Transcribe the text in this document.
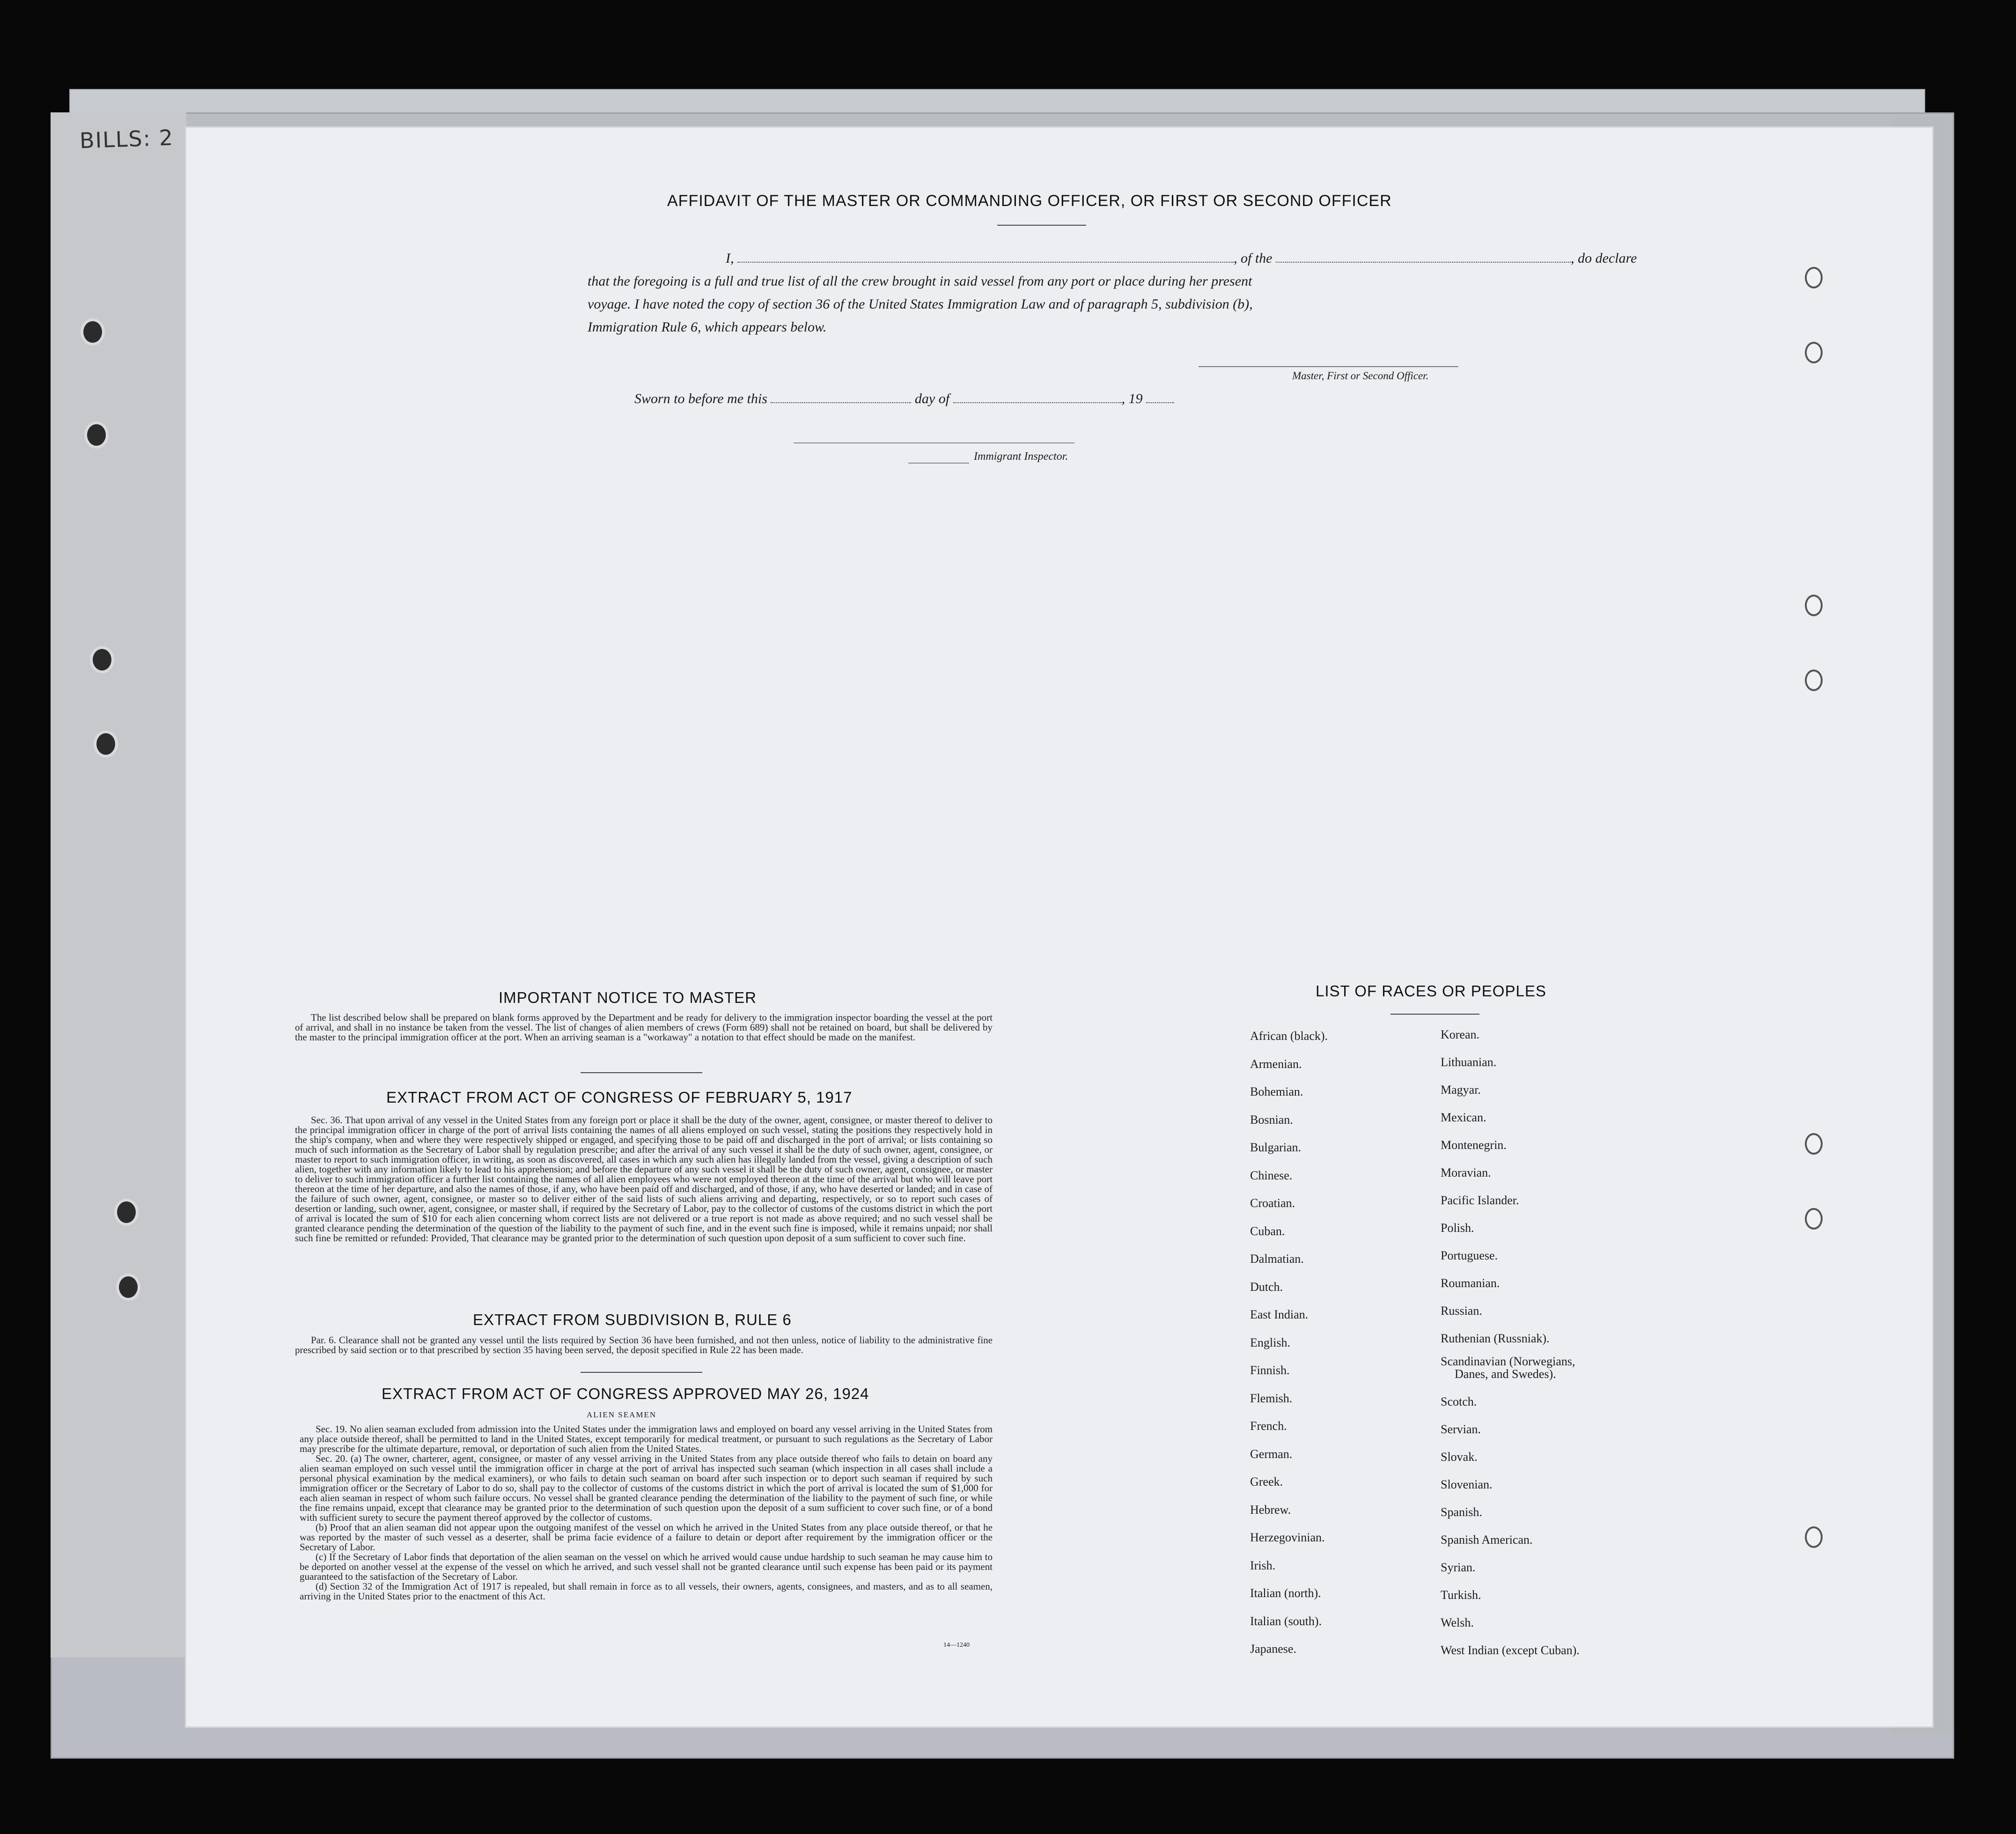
BILLS: 2
AFFIDAVIT OF THE MASTER OR COMMANDING OFFICER, OR FIRST OR SECOND OFFICER
I,	, of the	, do declare
that the foregoing is a full and true list of all the crew brought in said vessel from any port or place during her present
voyage. I have noted the copy of section 36 of the United States Immigration Law and of paragraph 5, subdivision (b),
Immigration Rule 6, which appears below.
Master, First or Second Officer.
Sworn to before me this	day of	, 19
Immigrant Inspector.
IMPORTANT NOTICE TO MASTER

The list described below shall be prepared on blank forms approved by the Department and be ready for delivery to the immigration inspector boarding the vessel at the port of arrival, and shall in no instance be taken from the vessel. The list of changes of alien members of crews (Form 689) shall not be retained on board, but shall be delivered by the master to the principal immigration officer at the port. When an arriving seaman is a "workaway" a notation to that effect should be made on the manifest.

EXTRACT FROM ACT OF CONGRESS OF FEBRUARY 5, 1917

Sec. 36. That upon arrival of any vessel in the United States from any foreign port or place it shall be the duty of the owner, agent, consignee, or master thereof to deliver to the principal immigration officer in charge of the port of arrival lists containing the names of all aliens employed on such vessel, stating the positions they respectively hold in the ship's company, when and where they were respectively shipped or engaged, and specifying those to be paid off and discharged in the port of arrival; or lists containing so much of such information as the Secretary of Labor shall by regulation prescribe; and after the arrival of any such vessel it shall be the duty of such owner, agent, consignee, or master to report to such immigration officer, in writing, as soon as discovered, all cases in which any such alien has illegally landed from the vessel, giving a description of such alien, together with any information likely to lead to his apprehension; and before the departure of any such vessel it shall be the duty of such owner, agent, consignee, or master to deliver to such immigration officer a further list containing the names of all alien employees who were not employed thereon at the time of the arrival but who will leave port thereon at the time of her departure, and also the names of those, if any, who have been paid off and discharged, and of those, if any, who have deserted or landed; and in case of the failure of such owner, agent, consignee, or master so to deliver either of the said lists of such aliens arriving and departing, respectively, or so to report such cases of desertion or landing, such owner, agent, consignee, or master shall, if required by the Secretary of Labor, pay to the collector of customs of the customs district in which the port of arrival is located the sum of $10 for each alien concerning whom correct lists are not delivered or a true report is not made as above required; and no such vessel shall be granted clearance pending the determination of the question of the liability to the payment of such fine, and in the event such fine is imposed, while it remains unpaid; nor shall such fine be remitted or refunded: Provided, That clearance may be granted prior to the determination of such question upon deposit of a sum sufficient to cover such fine.

EXTRACT FROM SUBDIVISION B, RULE 6

Par. 6. Clearance shall not be granted any vessel until the lists required by Section 36 have been furnished, and not then unless, notice of liability to the administrative fine prescribed by said section or to that prescribed by section 35 having been served, the deposit specified in Rule 22 has been made.

EXTRACT FROM ACT OF CONGRESS APPROVED MAY 26, 1924
ALIEN SEAMEN

Sec. 19. No alien seaman excluded from admission into the United States under the immigration laws and employed on board any vessel arriving in the United States from any place outside thereof, shall be permitted to land in the United States, except temporarily for medical treatment, or pursuant to such regulations as the Secretary of Labor may prescribe for the ultimate departure, removal, or deportation of such alien from the United States.

Sec. 20. (a) The owner, charterer, agent, consignee, or master of any vessel arriving in the United States from any place outside thereof who fails to detain on board any alien seaman employed on such vessel until the immigration officer in charge at the port of arrival has inspected such seaman (which inspection in all cases shall include a personal physical examination by the medical examiners), or who fails to detain such seaman on board after such inspection or to deport such seaman if required by such immigration officer or the Secretary of Labor to do so, shall pay to the collector of customs of the customs district in which the port of arrival is located the sum of $1,000 for each alien seaman in respect of whom such failure occurs. No vessel shall be granted clearance pending the determination of the liability to the payment of such fine, or while the fine remains unpaid, except that clearance may be granted prior to the determination of such question upon the deposit of a sum sufficient to cover such fine, or of a bond with sufficient surety to secure the payment thereof approved by the collector of customs.

(b) Proof that an alien seaman did not appear upon the outgoing manifest of the vessel on which he arrived in the United States from any place outside thereof, or that he was reported by the master of such vessel as a deserter, shall be prima facie evidence of a failure to detain or deport after requirement by the immigration officer or the Secretary of Labor.

(c) If the Secretary of Labor finds that deportation of the alien seaman on the vessel on which he arrived would cause undue hardship to such seaman he may cause him to be deported on another vessel at the expense of the vessel on which he arrived, and such vessel shall not be granted clearance until such expense has been paid or its payment guaranteed to the satisfaction of the Secretary of Labor.

(d) Section 32 of the Immigration Act of 1917 is repealed, but shall remain in force as to all vessels, their owners, agents, consignees, and masters, and as to all seamen, arriving in the United States prior to the enactment of this Act.

14—1240
LIST OF RACES OR PEOPLES
African (black).
Armenian.
Bohemian.
Bosnian.
Bulgarian.
Chinese.
Croatian.
Cuban.
Dalmatian.
Dutch.
East Indian.
English.
Finnish.
Flemish.
French.
German.
Greek.
Hebrew.
Herzegovinian.
Irish.
Italian (north).
Italian (south).
Japanese.
Korean.
Lithuanian.
Magyar.
Mexican.
Montenegrin.
Moravian.
Pacific Islander.
Polish.
Portuguese.
Roumanian.
Russian.
Ruthenian (Russniak).
Scandinavian (Norwegians,
Danes, and Swedes).
Scotch.
Servian.
Slovak.
Slovenian.
Spanish.
Spanish American.
Syrian.
Turkish.
Welsh.
West Indian (except Cuban).
